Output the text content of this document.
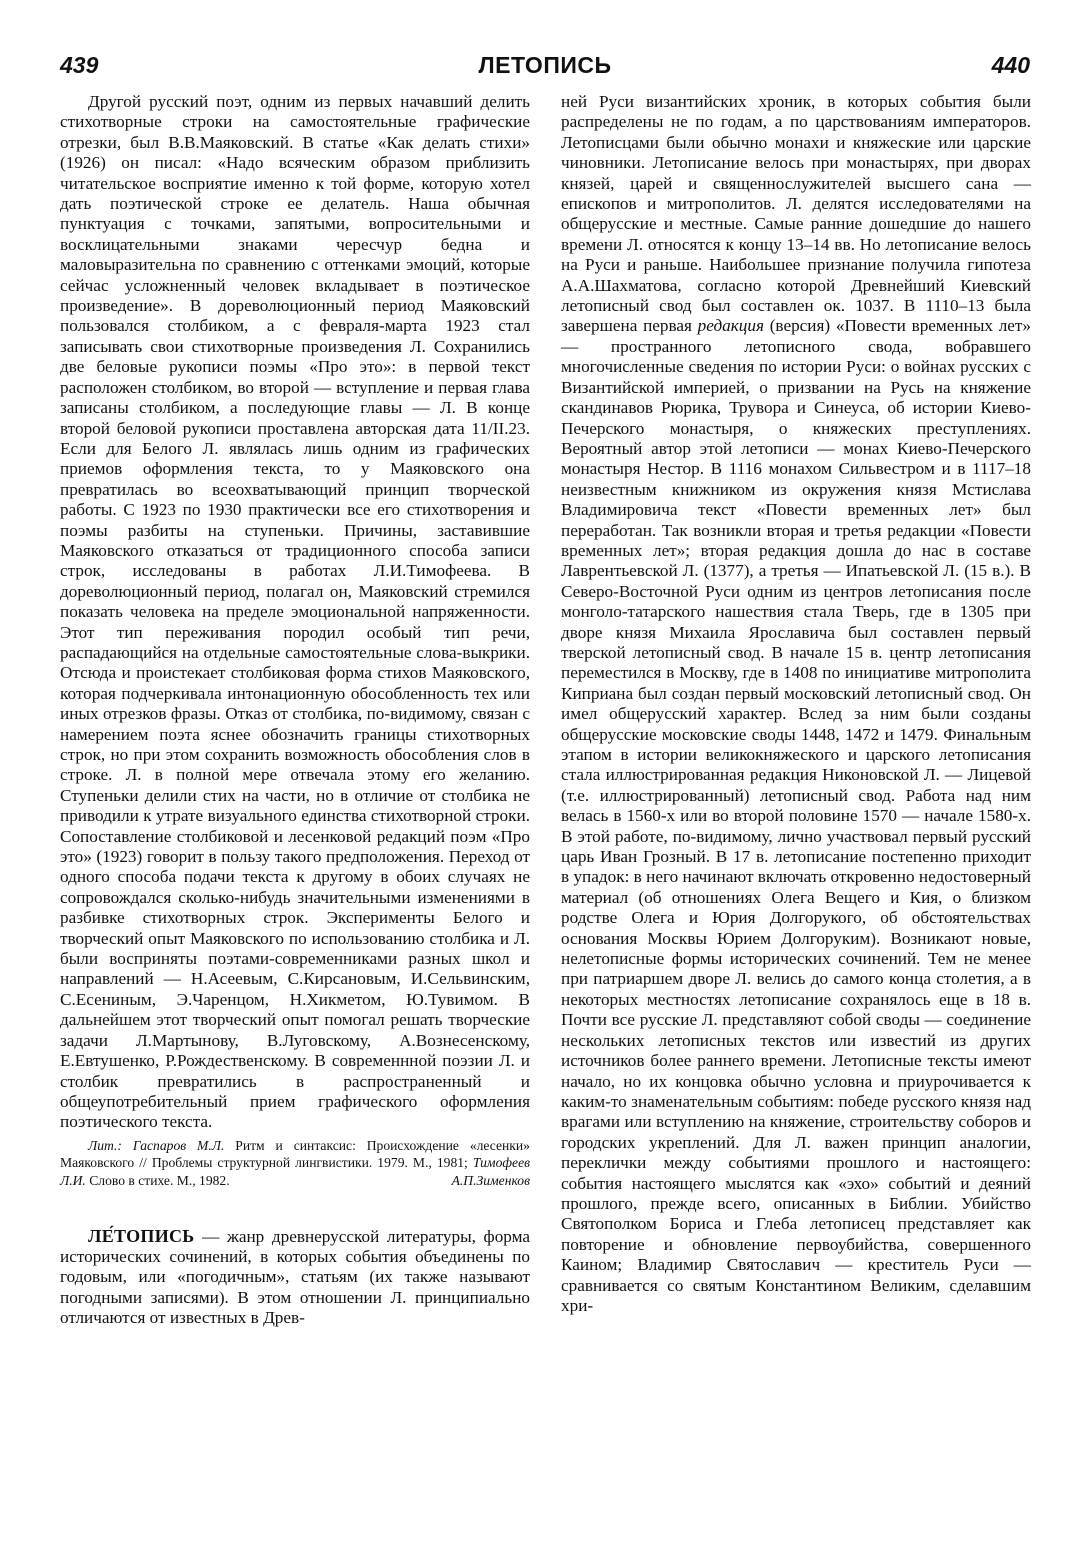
439	ЛЕТОПИСЬ	440

Другой русский поэт, одним из первых начавший делить стихотворные строки на самостоятельные графические отрезки, был В.В.Маяковский. В статье «Как делать стихи» (1926) он писал: «Надо всяческим образом приблизить читательское восприятие именно к той форме, которую хотел дать поэтической строке ее делатель. Наша обычная пунктуация с точками, запятыми, вопросительными и восклицательными знаками чересчур бедна и маловыразительна по сравнению с оттенками эмоций, которые сейчас усложненный человек вкладывает в поэтическое произведение». В дореволюционный период Маяковский пользовался столбиком, а с февраля-марта 1923 стал записывать свои стихотворные произведения Л. Сохранились две беловые рукописи поэмы «Про это»: в первой текст расположен столбиком, во второй — вступление и первая глава записаны столбиком, а последующие главы — Л. В конце второй беловой рукописи проставлена авторская дата 11/II.23. Если для Белого Л. являлась лишь одним из графических приемов оформления текста, то у Маяковского она превратилась во всеохватывающий принцип творческой работы. С 1923 по 1930 практически все его стихотворения и поэмы разбиты на ступеньки. Причины, заставившие Маяковского отказаться от традиционного способа записи строк, исследованы в работах Л.И.Тимофеева. В дореволюционный период, полагал он, Маяковский стремился показать человека на пределе эмоциональной напряженности. Этот тип переживания породил особый тип речи, распадающийся на отдельные самостоятельные слова-выкрики. Отсюда и проистекает столбиковая форма стихов Маяковского, которая подчеркивала интонационную обособленность тех или иных отрезков фразы. Отказ от столбика, по-видимому, связан с намерением поэта яснее обозначить границы стихотворных строк, но при этом сохранить возможность обособления слов в строке. Л. в полной мере отвечала этому его желанию. Ступеньки делили стих на части, но в отличие от столбика не приводили к утрате визуального единства стихотворной строки. Сопоставление столбиковой и лесенковой редакций поэм «Про это» (1923) говорит в пользу такого предположения. Переход от одного способа подачи текста к другому в обоих случаях не сопровождался сколько-нибудь значительными изменениями в разбивке стихотворных строк. Эксперименты Белого и творческий опыт Маяковского по использованию столбика и Л. были восприняты поэтами-современниками разных школ и направлений — Н.Асеевым, С.Кирсановым, И.Сельвинским, С.Есениным, Э.Чаренцом, Н.Хикметом, Ю.Тувимом. В дальнейшем этот творческий опыт помогал решать творческие задачи Л.Мартынову, В.Луговскому, А.Вознесенскому, Е.Евтушенко, Р.Рождественскому. В современнной поэзии Л. и столбик превратились в распространенный и общеупотребительный прием графического оформления поэтического текста.

Лит.: Гаспаров М.Л. Ритм и синтаксис: Происхождение «лесенки» Маяковского // Проблемы структурной лингвистики. 1979. М., 1981; Тимофеев Л.И. Слово в стихе. М., 1982.	А.П.Зименков

ЛЕ́ТОПИСЬ — жанр древнерусской литературы, форма исторических сочинений, в которых события объединены по годовым, или «погодичным», статьям (их также называют погодными записями). В этом отношении Л. принципиально отличаются от известных в Древ-

ней Руси византийских хроник, в которых события были распределены не по годам, а по царствованиям императоров. Летописцами были обычно монахи и княжеские или царские чиновники. Летописание велось при монастырях, при дворах князей, царей и священнослужителей высшего сана — епископов и митрополитов. Л. делятся исследователями на общерусские и местные. Самые ранние дошедшие до нашего времени Л. относятся к концу 13–14 вв. Но летописание велось на Руси и раньше. Наибольшее признание получила гипотеза А.А.Шахматова, согласно которой Древнейший Киевский летописный свод был составлен ок. 1037. В 1110–13 была завершена первая редакция (версия) «Повести временных лет» — пространного летописного свода, вобравшего многочисленные сведения по истории Руси: о войнах русских с Византийской империей, о призвании на Русь на княжение скандинавов Рюрика, Трувора и Синеуса, об истории Киево-Печерского монастыря, о княжеских преступлениях. Вероятный автор этой летописи — монах Киево-Печерского монастыря Нестор. В 1116 монахом Сильвестром и в 1117–18 неизвестным книжником из окружения князя Мстислава Владимировича текст «Повести временных лет» был переработан. Так возникли вторая и третья редакции «Повести временных лет»; вторая редакция дошла до нас в составе Лаврентьевской Л. (1377), а третья — Ипатьевской Л. (15 в.). В Северо-Восточной Руси одним из центров летописания после монголо-татарского нашествия стала Тверь, где в 1305 при дворе князя Михаила Ярославича был составлен первый тверской летописный свод. В начале 15 в. центр летописания переместился в Москву, где в 1408 по инициативе митрополита Киприана был создан первый московский летописный свод. Он имел общерусский характер. Вслед за ним были созданы общерусские московские своды 1448, 1472 и 1479. Финальным этапом в истории великокняжеского и царского летописания стала иллюстрированная редакция Никоновской Л. — Лицевой (т.е. иллюстрированный) летописный свод. Работа над ним велась в 1560-х или во второй половине 1570 — начале 1580-х. В этой работе, по-видимому, лично участвовал первый русский царь Иван Грозный. В 17 в. летописание постепенно приходит в упадок: в него начинают включать откровенно недостоверный материал (об отношениях Олега Вещего и Кия, о близком родстве Олега и Юрия Долгорукого, об обстоятельствах основания Москвы Юрием Долгоруким). Возникают новые, нелетописные формы исторических сочинений. Тем не менее при патриаршем дворе Л. велись до самого конца столетия, а в некоторых местностях летописание сохранялось еще в 18 в. Почти все русские Л. представляют собой своды — соединение нескольких летописных текстов или известий из других источников более раннего времени. Летописные тексты имеют начало, но их концовка обычно условна и приурочивается к каким-то знаменательным событиям: победе русского князя над врагами или вступлению на княжение, строительству соборов и городских укреплений. Для Л. важен принцип аналогии, переклички между событиями прошлого и настоящего: события настоящего мыслятся как «эхо» событий и деяний прошлого, прежде всего, описанных в Библии. Убийство Святополком Бориса и Глеба летописец представляет как повторение и обновление первоубийства, совершенного Каином; Владимир Святославич — креститель Руси — сравнивается со святым Константином Великим, сделавшим хри-
